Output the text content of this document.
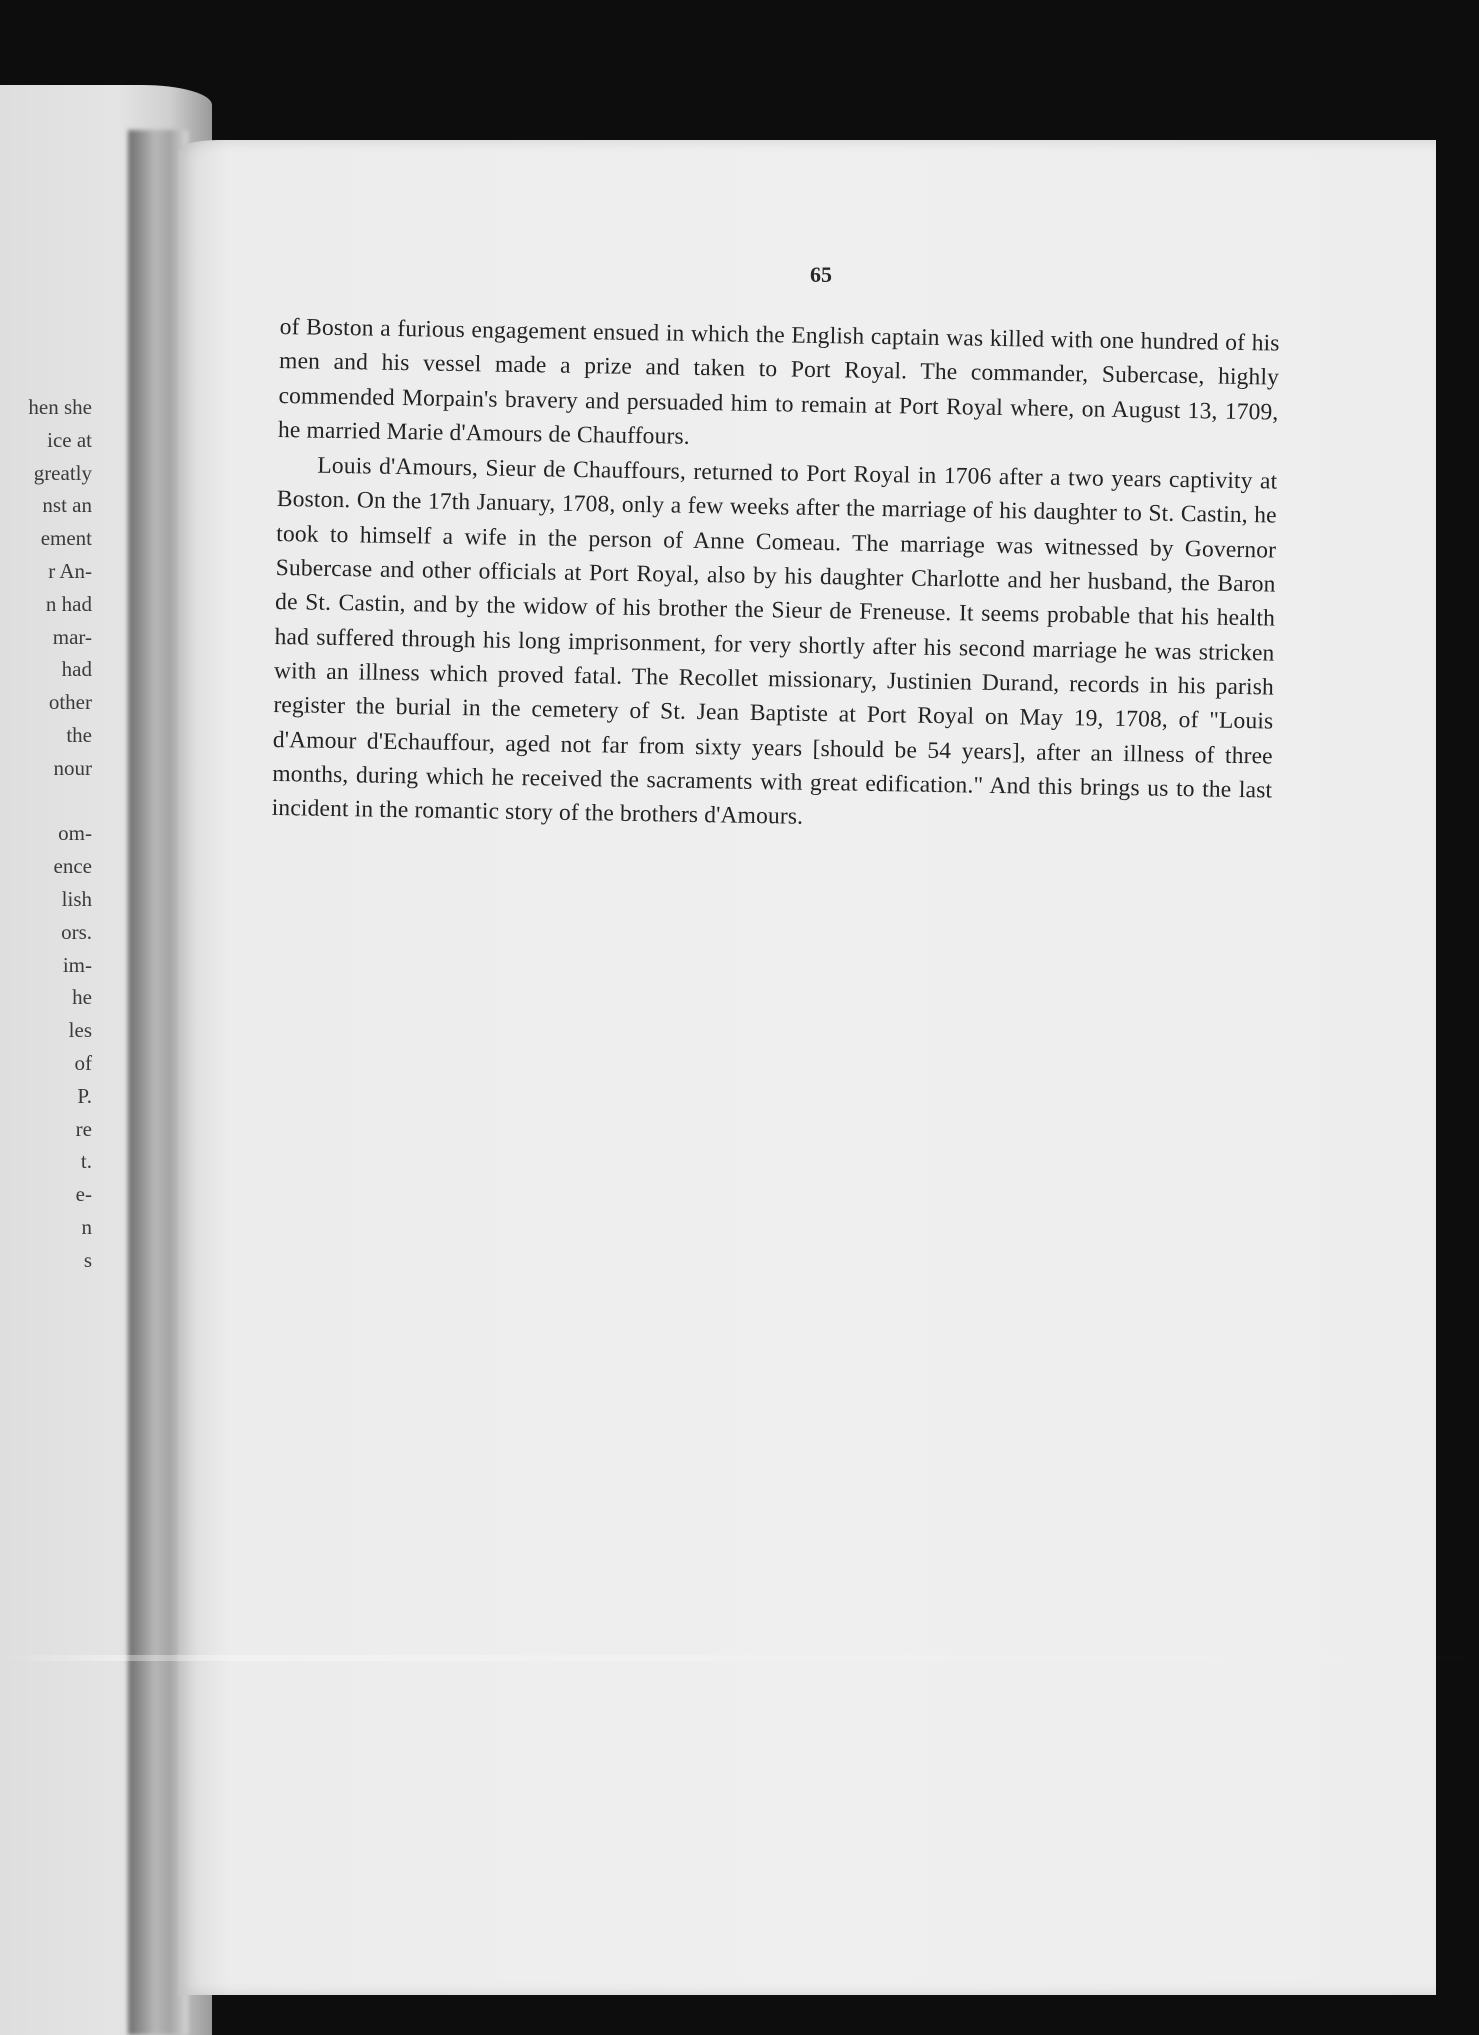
hen she
ice at
greatly
nst an
ement
r An-
n had
mar-
had
other
the
nour

om-
ence
lish
ors.
im-
he
les
of
P.
re
t.
e-
n
s
65

of Boston a furious engagement ensued in which the English captain was killed with one hundred of his men and his vessel made a prize and taken to Port Royal. The commander, Subercase, highly commended Morpain's bravery and persuaded him to remain at Port Royal where, on August 13, 1709, he married Marie d'Amours de Chauffours.

Louis d'Amours, Sieur de Chauffours, returned to Port Royal in 1706 after a two years captivity at Boston. On the 17th January, 1708, only a few weeks after the marriage of his daughter to St. Castin, he took to himself a wife in the person of Anne Comeau. The marriage was witnessed by Governor Subercase and other officials at Port Royal, also by his daughter Charlotte and her husband, the Baron de St. Castin, and by the widow of his brother the Sieur de Freneuse. It seems probable that his health had suffered through his long imprisonment, for very shortly after his second marriage he was stricken with an illness which proved fatal. The Recollet missionary, Justinien Durand, records in his parish register the burial in the cemetery of St. Jean Baptiste at Port Royal on May 19, 1708, of "Louis d'Amour d'Echauffour, aged not far from sixty years [should be 54 years], after an illness of three months, during which he received the sacraments with great edification." And this brings us to the last incident in the romantic story of the brothers d'Amours.
